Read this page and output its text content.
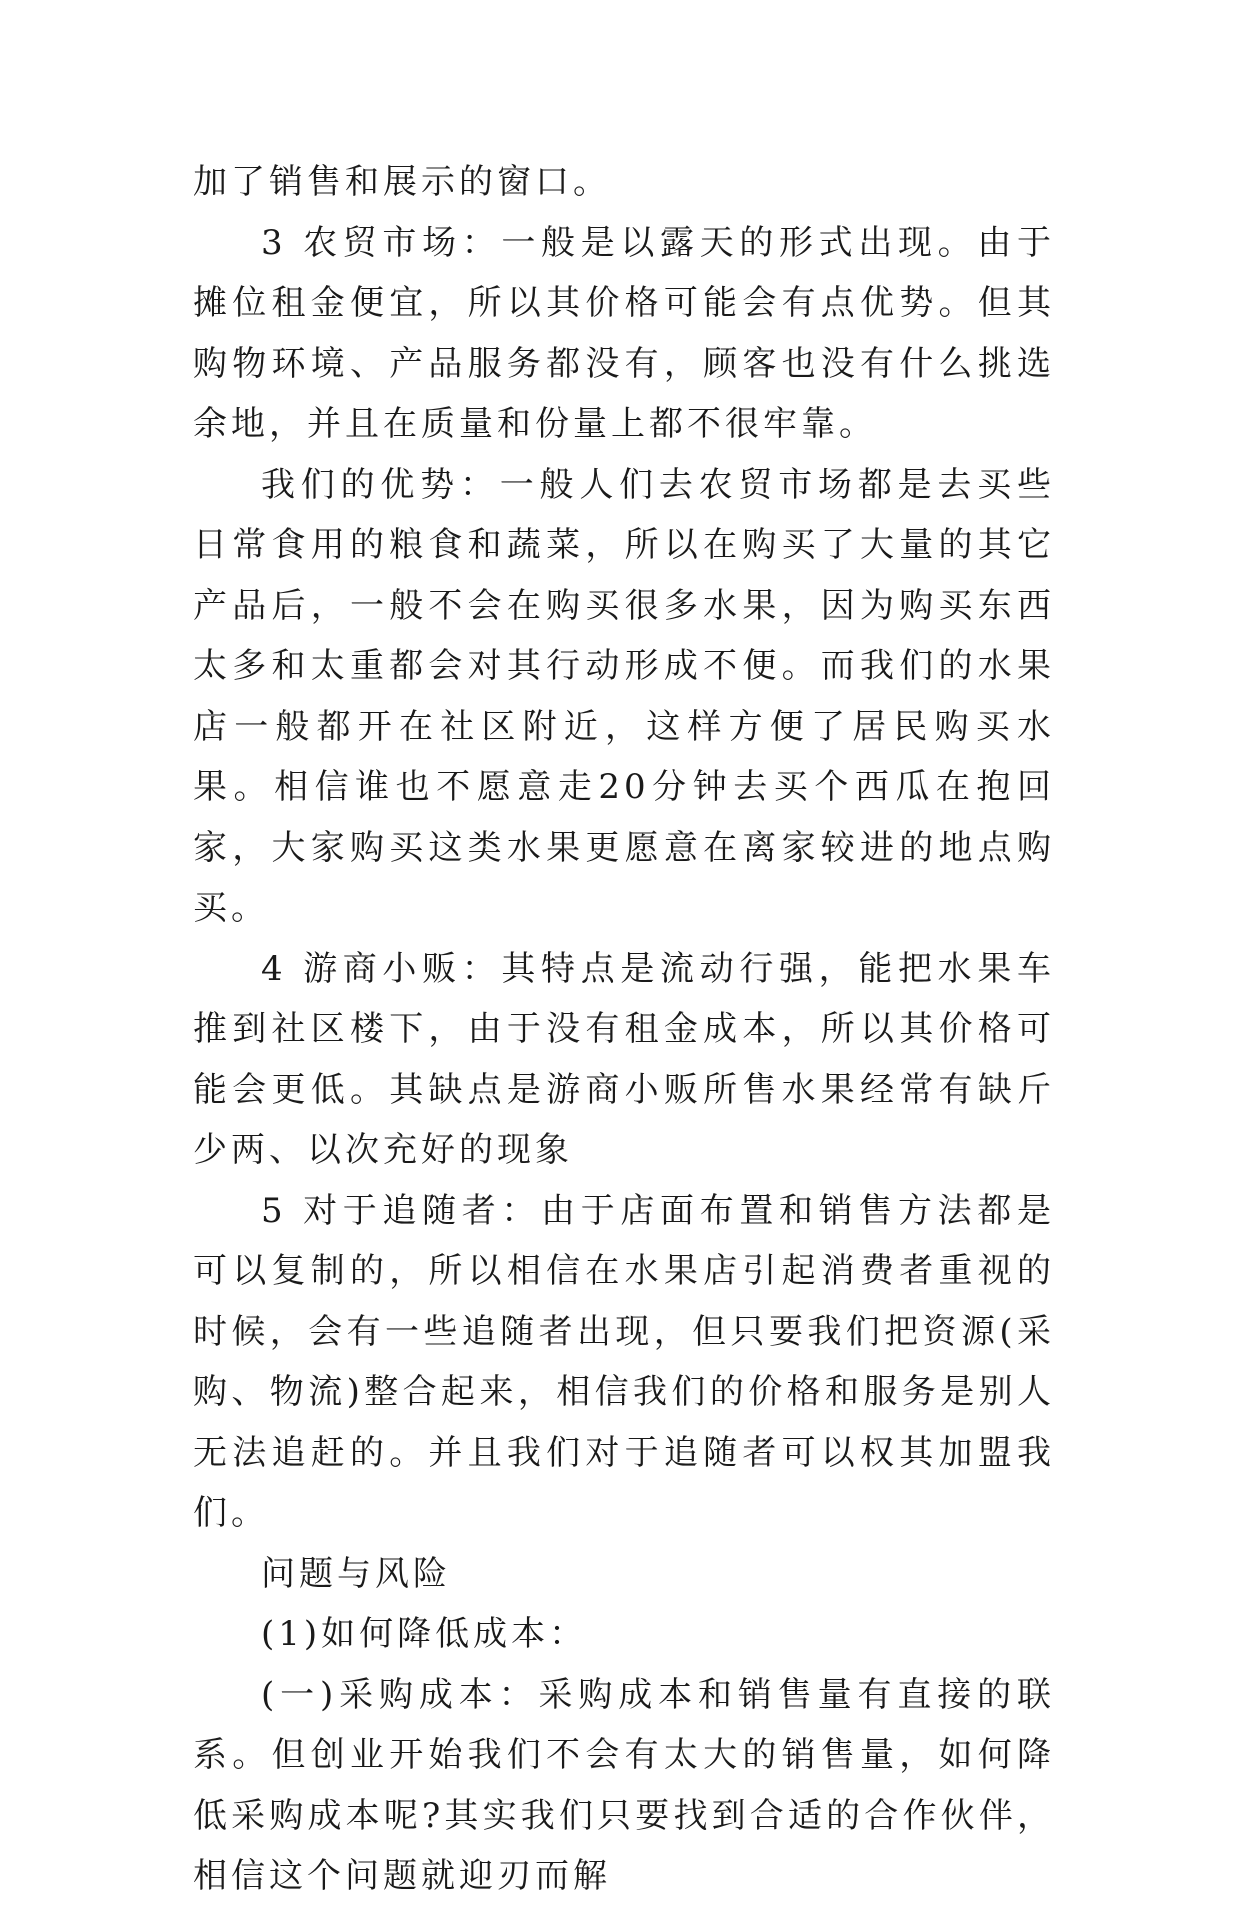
加了销售和展示的窗口。

3 农贸市场：一般是以露天的形式出现。由于摊位租金便宜，所以其价格可能会有点优势。但其购物环境、产品服务都没有，顾客也没有什么挑选余地，并且在质量和份量上都不很牢靠。

我们的优势：一般人们去农贸市场都是去买些日常食用的粮食和蔬菜，所以在购买了大量的其它产品后，一般不会在购买很多水果，因为购买东西太多和太重都会对其行动形成不便。而我们的水果店一般都开在社区附近，这样方便了居民购买水果。相信谁也不愿意走20分钟去买个西瓜在抱回家，大家购买这类水果更愿意在离家较进的地点购买。

4 游商小贩：其特点是流动行强，能把水果车推到社区楼下，由于没有租金成本，所以其价格可能会更低。其缺点是游商小贩所售水果经常有缺斤少两、以次充好的现象

5 对于追随者：由于店面布置和销售方法都是可以复制的，所以相信在水果店引起消费者重视的时候，会有一些追随者出现，但只要我们把资源(采购、物流)整合起来，相信我们的价格和服务是别人无法追赶的。并且我们对于追随者可以权其加盟我们。

问题与风险

(1)如何降低成本：

(一)采购成本：采购成本和销售量有直接的联系。但创业开始我们不会有太大的销售量，如何降低采购成本呢?其实我们只要找到合适的合作伙伴，相信这个问题就迎刃而解
